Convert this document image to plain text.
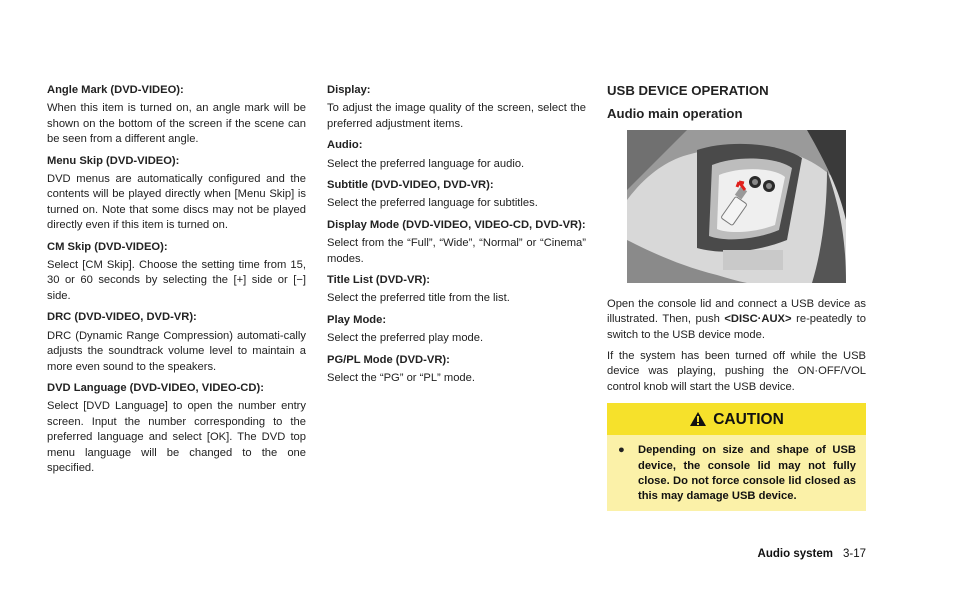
Angle Mark (DVD-VIDEO):
When this item is turned on, an angle mark will be shown on the bottom of the screen if the scene can be seen from a different angle.
Menu Skip (DVD-VIDEO):
DVD menus are automatically configured and the contents will be played directly when [Menu Skip] is turned on. Note that some discs may not be played directly even if this item is turned on.
CM Skip (DVD-VIDEO):
Select [CM Skip]. Choose the setting time from 15, 30 or 60 seconds by selecting the [+] side or [−] side.
DRC (DVD-VIDEO, DVD-VR):
DRC (Dynamic Range Compression) automati-cally adjusts the soundtrack volume level to maintain a more even sound to the speakers.
DVD Language (DVD-VIDEO, VIDEO-CD):
Select [DVD Language] to open the number entry screen. Input the number corresponding to the preferred language and select [OK]. The DVD top menu language will be changed to the one specified.
Display:
To adjust the image quality of the screen, select the preferred adjustment items.
Audio:
Select the preferred language for audio.
Subtitle (DVD-VIDEO, DVD-VR):
Select the preferred language for subtitles.
Display Mode (DVD-VIDEO, VIDEO-CD, DVD-VR):
Select from the “Full”, “Wide”, “Normal” or “Cinema” modes.
Title List (DVD-VR):
Select the preferred title from the list.
Play Mode:
Select the preferred play mode.
PG/PL Mode (DVD-VR):
Select the “PG” or “PL” mode.
USB DEVICE OPERATION
Audio main operation
Open the console lid and connect a USB device as illustrated. Then, push <DISC·AUX> re-peatedly to switch to the USB device mode.
If the system has been turned off while the USB device was playing, pushing the ON·OFF/VOL control knob will start the USB device.
CAUTION
●	Depending on size and shape of USB device, the console lid may not fully close. Do not force console lid closed as this may damage USB device.
Audio system 3-17
